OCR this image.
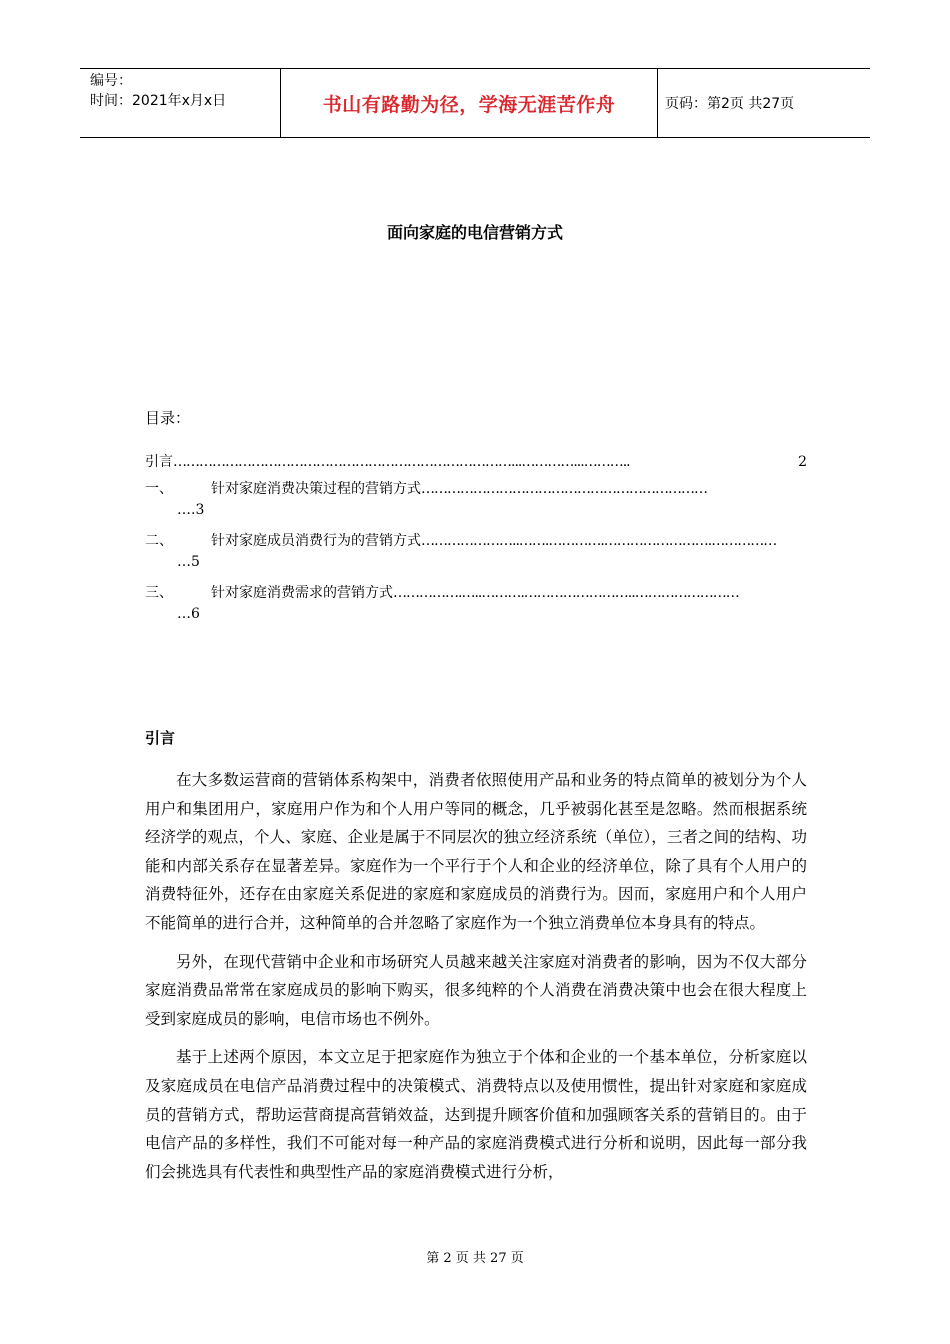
编号：
时间：2021年x月x日	书山有路勤为径，学海无涯苦作舟	页码：第2页 共27页
面向家庭的电信营销方式
目录：
引言 ……………………………………………………………………...…………...………..	2
一、	针对家庭消费决策过程的营销方式 …………………………………………………………
….3
二、	针对家庭成员消费行为的营销方式 …………………..…….………….…………………….……………
…5
三、	针对家庭消费需求的营销方式 …………….…..……….……………………..……………………
…6
引言

在大多数运营商的营销体系构架中，消费者依照使用产品和业务的特点简单的被划分为个人用户和集团用户，家庭用户作为和个人用户等同的概念，几乎被弱化甚至是忽略。然而根据系统经济学的观点，个人、家庭、企业是属于不同层次的独立经济系统（单位），三者之间的结构、功能和内部关系存在显著差异。家庭作为一个平行于个人和企业的经济单位，除了具有个人用户的消费特征外，还存在由家庭关系促进的家庭和家庭成员的消费行为。因而，家庭用户和个人用户不能简单的进行合并，这种简单的合并忽略了家庭作为一个独立消费单位本身具有的特点。

另外，在现代营销中企业和市场研究人员越来越关注家庭对消费者的影响，因为不仅大部分家庭消费品常常在家庭成员的影响下购买，很多纯粹的个人消费在消费决策中也会在很大程度上受到家庭成员的影响，电信市场也不例外。

基于上述两个原因，本文立足于把家庭作为独立于个体和企业的一个基本单位，分析家庭以及家庭成员在电信产品消费过程中的决策模式、消费特点以及使用惯性，提出针对家庭和家庭成员的营销方式，帮助运营商提高营销效益，达到提升顾客价值和加强顾客关系的营销目的。由于电信产品的多样性，我们不可能对每一种产品的家庭消费模式进行分析和说明，因此每一部分我们会挑选具有代表性和典型性产品的家庭消费模式进行分析，

第 2 页 共 27 页
